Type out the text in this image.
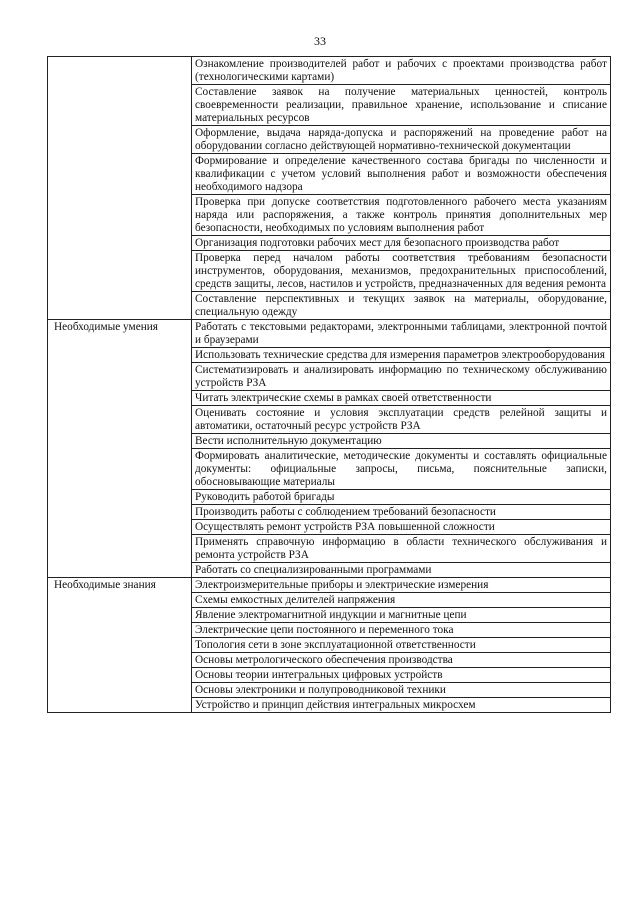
33
	Ознакомление производителей работ и рабочих с проектами производства работ (технологическими картами)
	Составление заявок на получение материальных ценностей, контроль своевременности реализации, правильное хранение, использование и списание материальных ресурсов
	Оформление, выдача наряда-допуска и распоряжений на проведение работ на оборудовании согласно действующей нормативно-технической документации
	Формирование и определение качественного состава бригады по численности и квалификации с учетом условий выполнения работ и возможности обеспечения необходимого надзора
	Проверка при допуске соответствия подготовленного рабочего места указаниям наряда или распоряжения, а также контроль принятия дополнительных мер безопасности, необходимых по условиям выполнения работ
	Организация подготовки рабочих мест для безопасного производства работ
	Проверка перед началом работы соответствия требованиям безопасности инструментов, оборудования, механизмов, предохранительных приспособлений, средств защиты, лесов, настилов и устройств, предназначенных для ведения ремонта
	Составление перспективных и текущих заявок на материалы, оборудование, специальную одежду
Необходимые умения	Работать с текстовыми редакторами, электронными таблицами, электронной почтой и браузерами
	Использовать технические средства для измерения параметров электрооборудования
	Систематизировать и анализировать информацию по техническому обслуживанию устройств РЗА
	Читать электрические схемы в рамках своей ответственности
	Оценивать состояние и условия эксплуатации средств релейной защиты и автоматики, остаточный ресурс устройств РЗА
	Вести исполнительную документацию
	Формировать аналитические, методические документы и составлять официальные документы: официальные запросы, письма, пояснительные записки, обосновывающие материалы
	Руководить работой бригады
	Производить работы с соблюдением требований безопасности
	Осуществлять ремонт устройств РЗА повышенной сложности
	Применять справочную информацию в области технического обслуживания и ремонта устройств РЗА
	Работать со специализированными программами
Необходимые знания	Электроизмерительные приборы и электрические измерения
	Схемы емкостных делителей напряжения
	Явление электромагнитной индукции и магнитные цепи
	Электрические цепи постоянного и переменного тока
	Топология сети в зоне эксплуатационной ответственности
	Основы метрологического обеспечения производства
	Основы теории интегральных цифровых устройств
	Основы электроники и полупроводниковой техники
	Устройство и принцип действия интегральных микросхем
